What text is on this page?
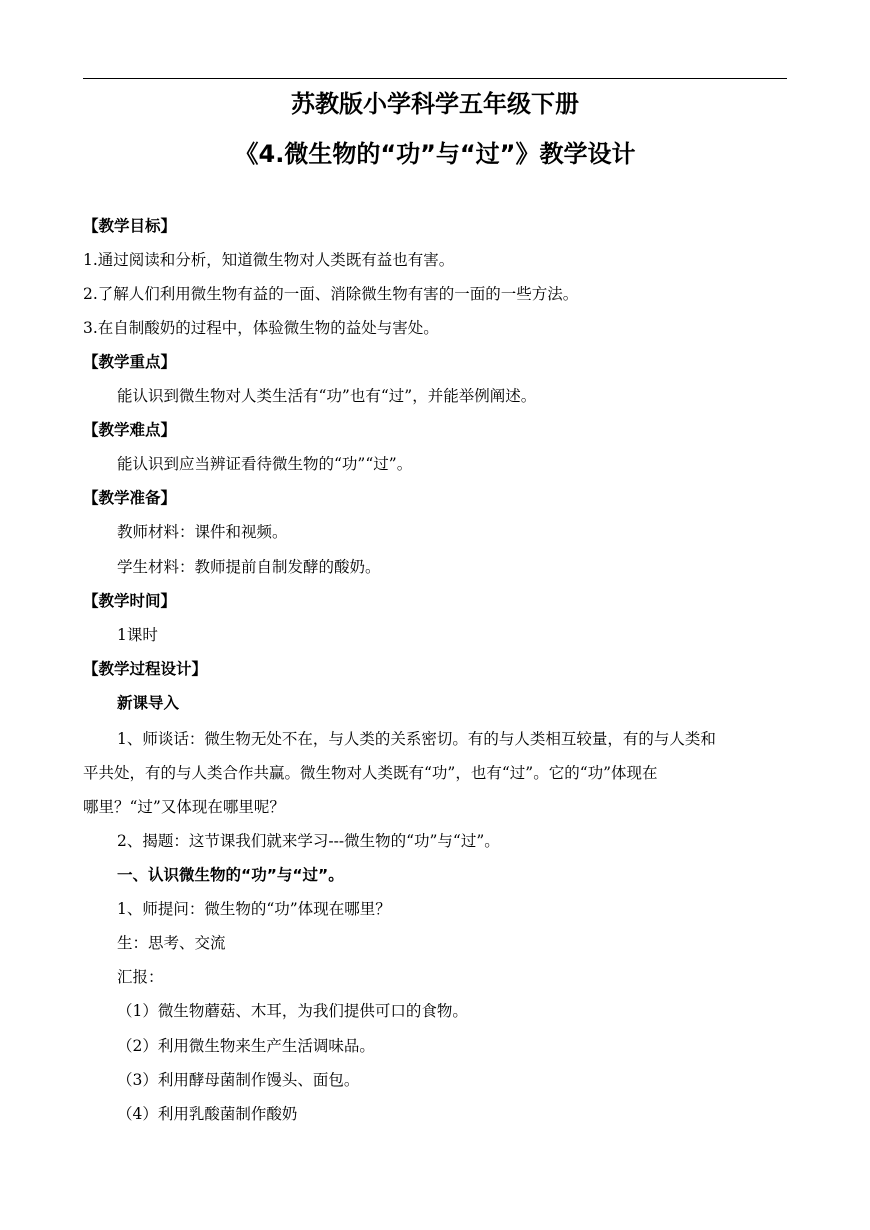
苏教版小学科学五年级下册
《4.微生物的“功”与“过”》教学设计
【教学目标】
1.通过阅读和分析，知道微生物对人类既有益也有害。
2.了解人们利用微生物有益的一面、消除微生物有害的一面的一些方法。
3.在自制酸奶的过程中，体验微生物的益处与害处。
【教学重点】
能认识到微生物对人类生活有“功”也有“过”，并能举例阐述。
【教学难点】
能认识到应当辨证看待微生物的“功”“过”。
【教学准备】
教师材料：课件和视频。
学生材料：教师提前自制发酵的酸奶。
【教学时间】
1课时
【教学过程设计】
新课导入
1、师谈话：微生物无处不在，与人类的关系密切。有的与人类相互较量，有的与人类和
平共处，有的与人类合作共赢。微生物对人类既有“功”，也有“过”。它的“功”体现在
哪里？“过”又体现在哪里呢？
2、揭题：这节课我们就来学习---微生物的“功”与“过”。
一、认识微生物的“功”与“过”。
1、师提问：微生物的“功”体现在哪里？
生：思考、交流
汇报：
（1）微生物蘑菇、木耳，为我们提供可口的食物。
（2）利用微生物来生产生活调味品。
（3）利用酵母菌制作馒头、面包。
（4）利用乳酸菌制作酸奶
